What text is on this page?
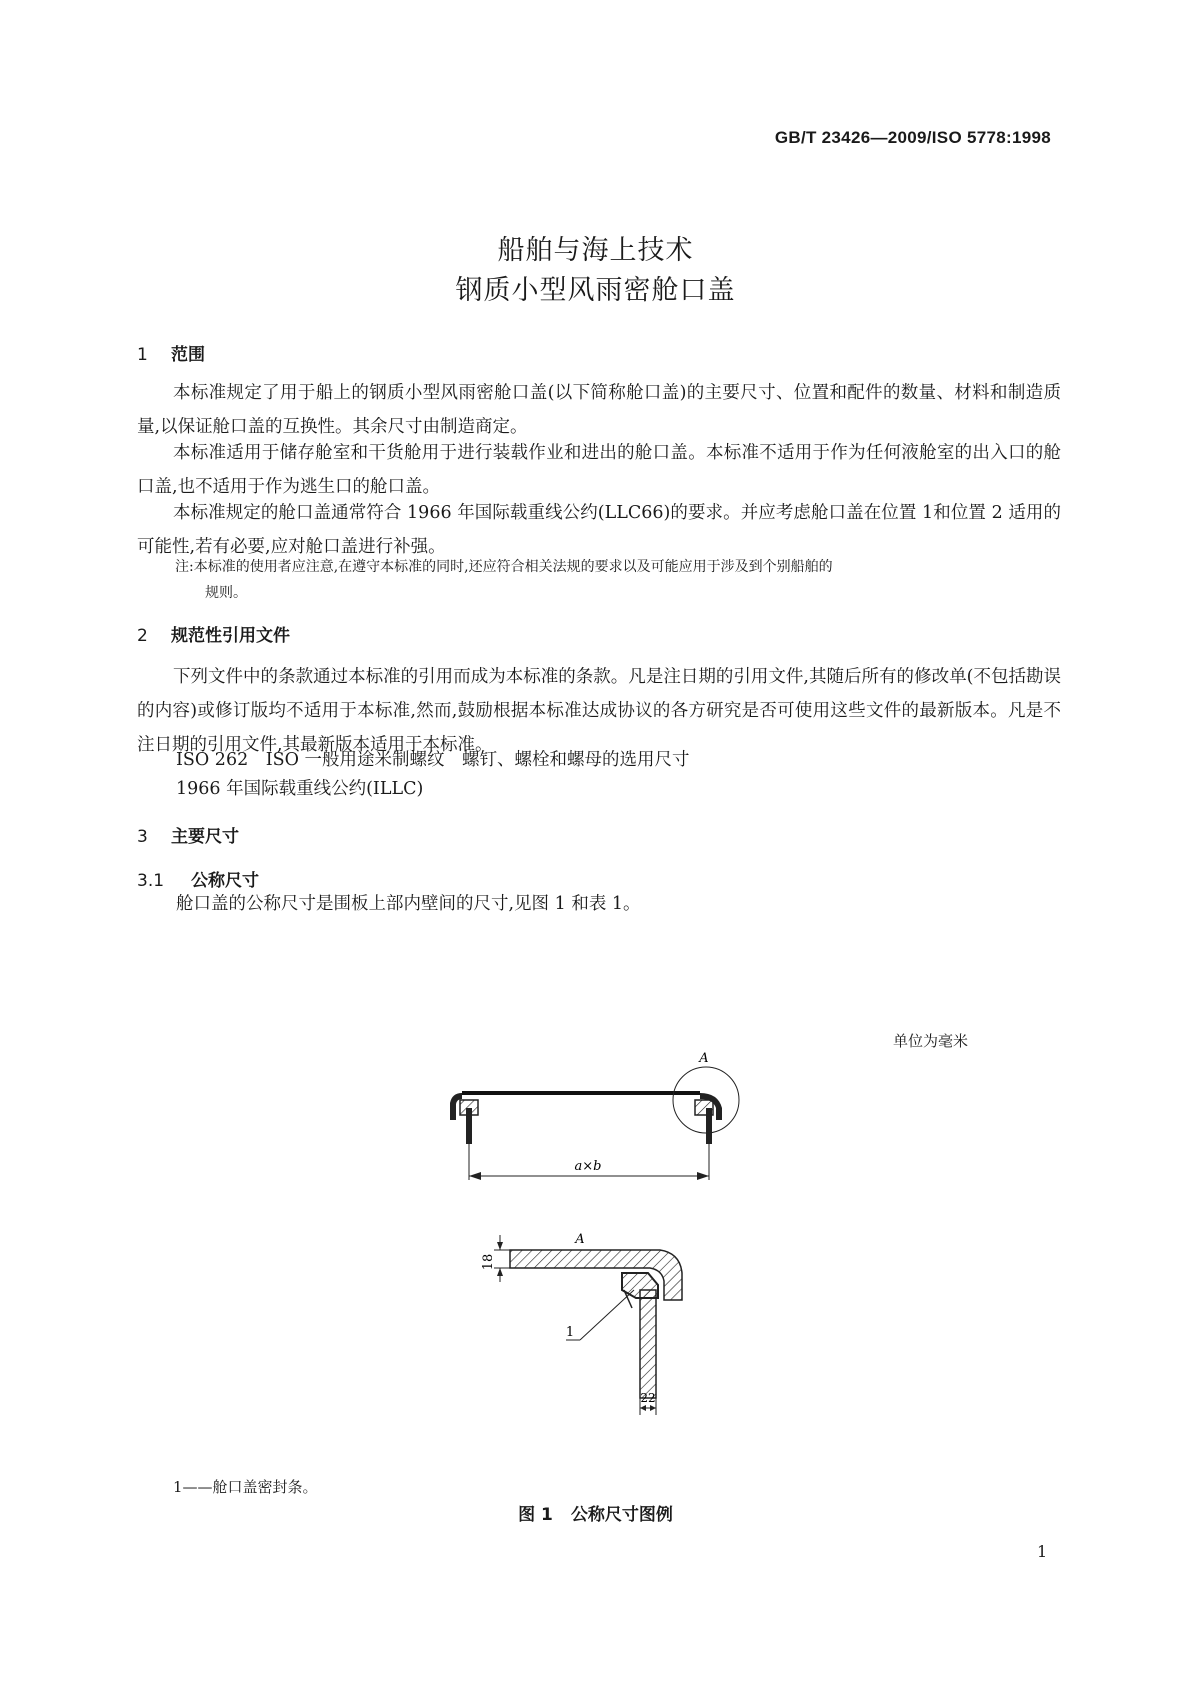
GB/T 23426—2009/ISO 5778:1998
船舶与海上技术
钢质小型风雨密舱口盖
1 范围

本标准规定了用于船上的钢质小型风雨密舱口盖(以下简称舱口盖)的主要尺寸、位置和配件的数量、材料和制造质量,以保证舱口盖的互换性。其余尺寸由制造商定。

本标准适用于储存舱室和干货舱用于进行装载作业和进出的舱口盖。本标准不适用于作为任何液舱室的出入口的舱口盖,也不适用于作为逃生口的舱口盖。

本标准规定的舱口盖通常符合 1966 年国际载重线公约(LLC66)的要求。并应考虑舱口盖在位置 1和位置 2 适用的可能性,若有必要,应对舱口盖进行补强。

注:本标准的使用者应注意,在遵守本标准的同时,还应符合相关法规的要求以及可能应用于涉及到个别船舶的
规则。
2 规范性引用文件

下列文件中的条款通过本标准的引用而成为本标准的条款。凡是注日期的引用文件,其随后所有的修改单(不包括勘误的内容)或修订版均不适用于本标准,然而,鼓励根据本标准达成协议的各方研究是否可使用这些文件的最新版本。凡是不注日期的引用文件,其最新版本适用于本标准。

ISO 262　ISO 一般用途米制螺纹　螺钉、螺栓和螺母的选用尺寸
1966 年国际载重线公约(ILLC)
3 主要尺寸
3.1 公称尺寸
舱口盖的公称尺寸是围板上部内壁间的尺寸,见图 1 和表 1。
单位为毫米
A
a×b
A
18
22
1
1——舱口盖密封条。
图 1 公称尺寸图例
1
